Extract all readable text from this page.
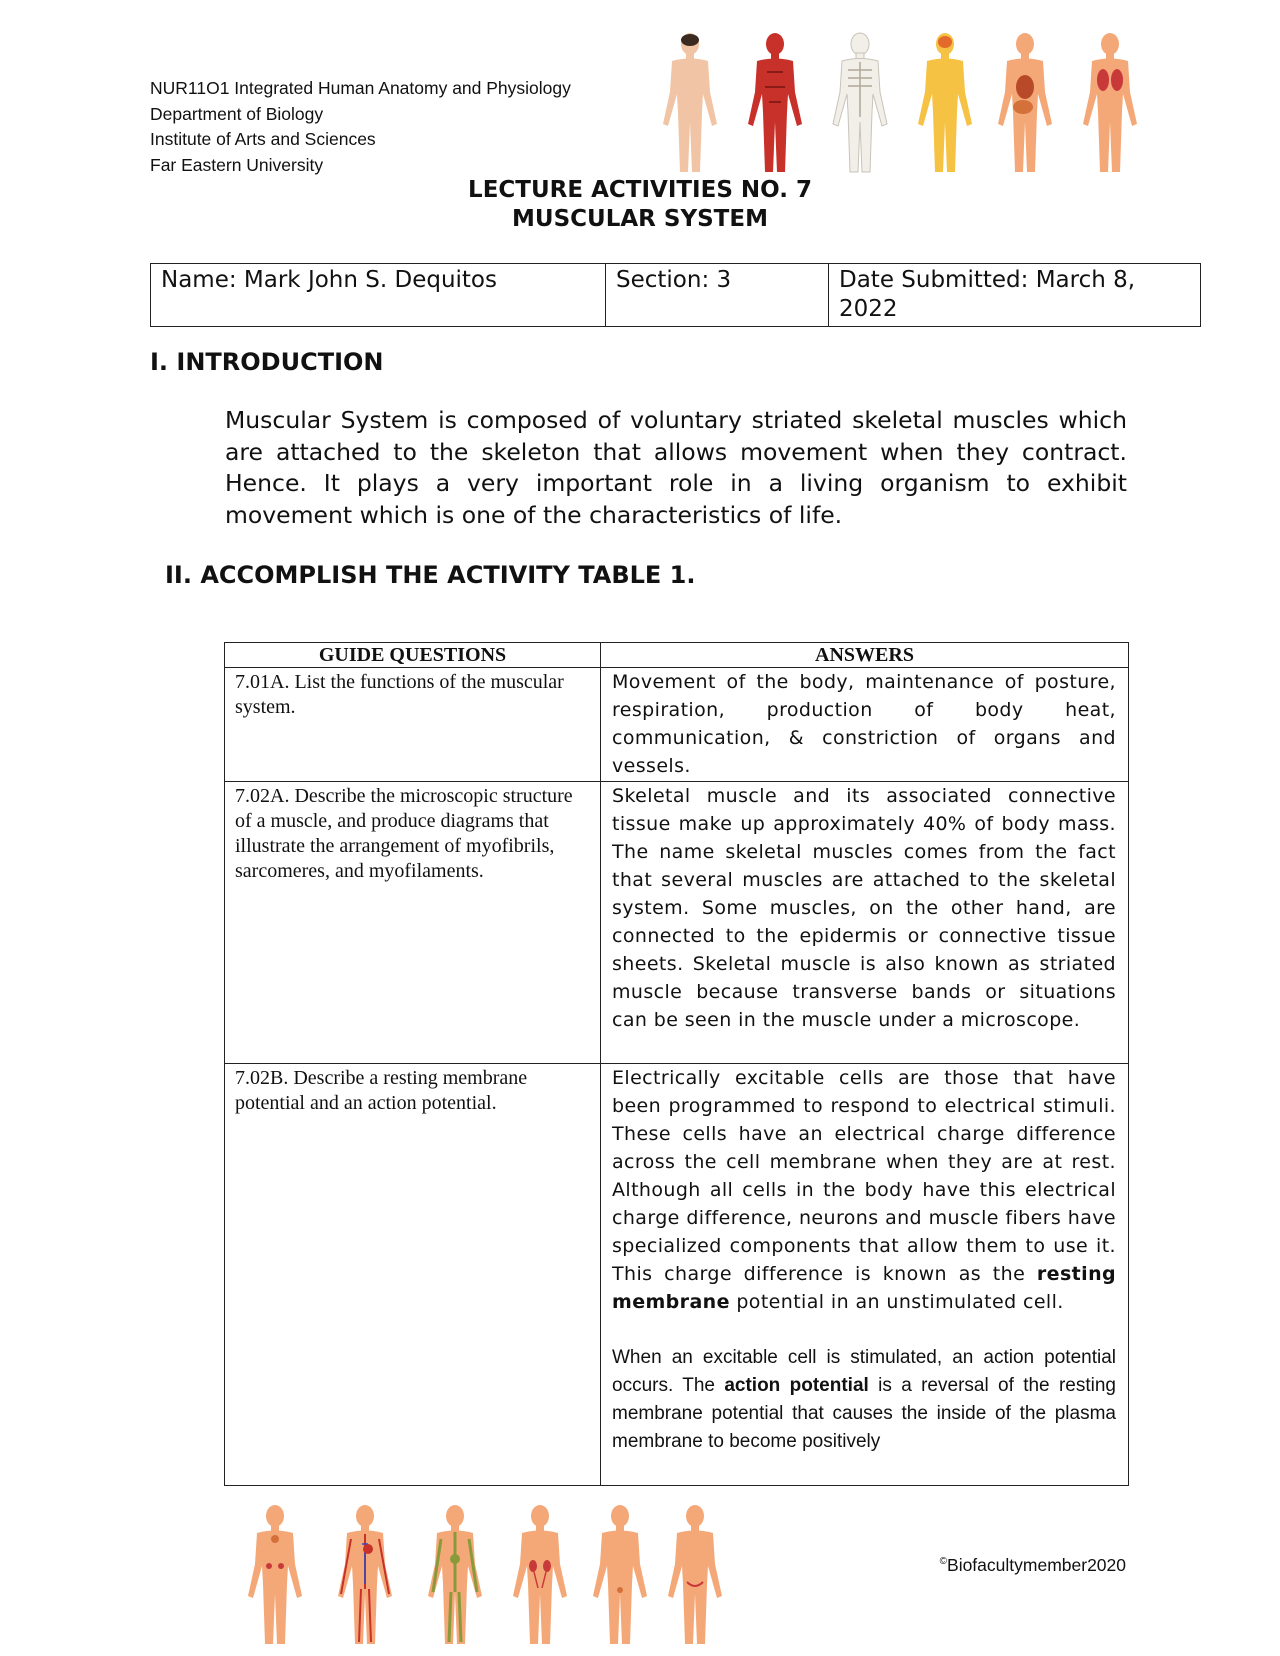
NUR11O1 Integrated Human Anatomy and Physiology
Department of Biology
Institute of Arts and Sciences
Far Eastern University
LECTURE ACTIVITIES NO. 7
MUSCULAR SYSTEM
Name: Mark John S. Dequitos	Section: 3	Date Submitted: March 8,
2022
I. INTRODUCTION
Muscular System is composed of voluntary striated skeletal muscles which are attached to the skeleton that allows movement when they contract. Hence. It plays a very important role in a living organism to exhibit movement which is one of the characteristics of life.
II. ACCOMPLISH THE ACTIVITY TABLE 1.
GUIDE QUESTIONS	ANSWERS
7.01A. List the functions of the muscular system.	Movement of the body, maintenance of posture, respiration, production of body heat, communication, & constriction of organs and vessels.

7.02A. Describe the microscopic structure of a muscle, and produce diagrams that illustrate the arrangement of myofibrils, sarcomeres, and myofilaments.	Skeletal muscle and its associated connective tissue make up approximately 40% of body mass. The name skeletal muscles comes from the fact that several muscles are attached to the skeletal system. Some muscles, on the other hand, are connected to the epidermis or connective tissue sheets. Skeletal muscle is also known as striated muscle because transverse bands or situations can be seen in the muscle under a microscope.

7.02B. Describe a resting membrane potential and an action potential.	Electrically excitable cells are those that have been programmed to respond to electrical stimuli. These cells have an electrical charge difference across the cell membrane when they are at rest. Although all cells in the body have this electrical charge difference, neurons and muscle fibers have specialized components that allow them to use it. This charge difference is known as the resting membrane potential in an unstimulated cell.

When an excitable cell is stimulated, an action potential occurs. The action potential is a reversal of the resting membrane potential that causes the inside of the plasma membrane to become positively

©Biofacultymember2020
